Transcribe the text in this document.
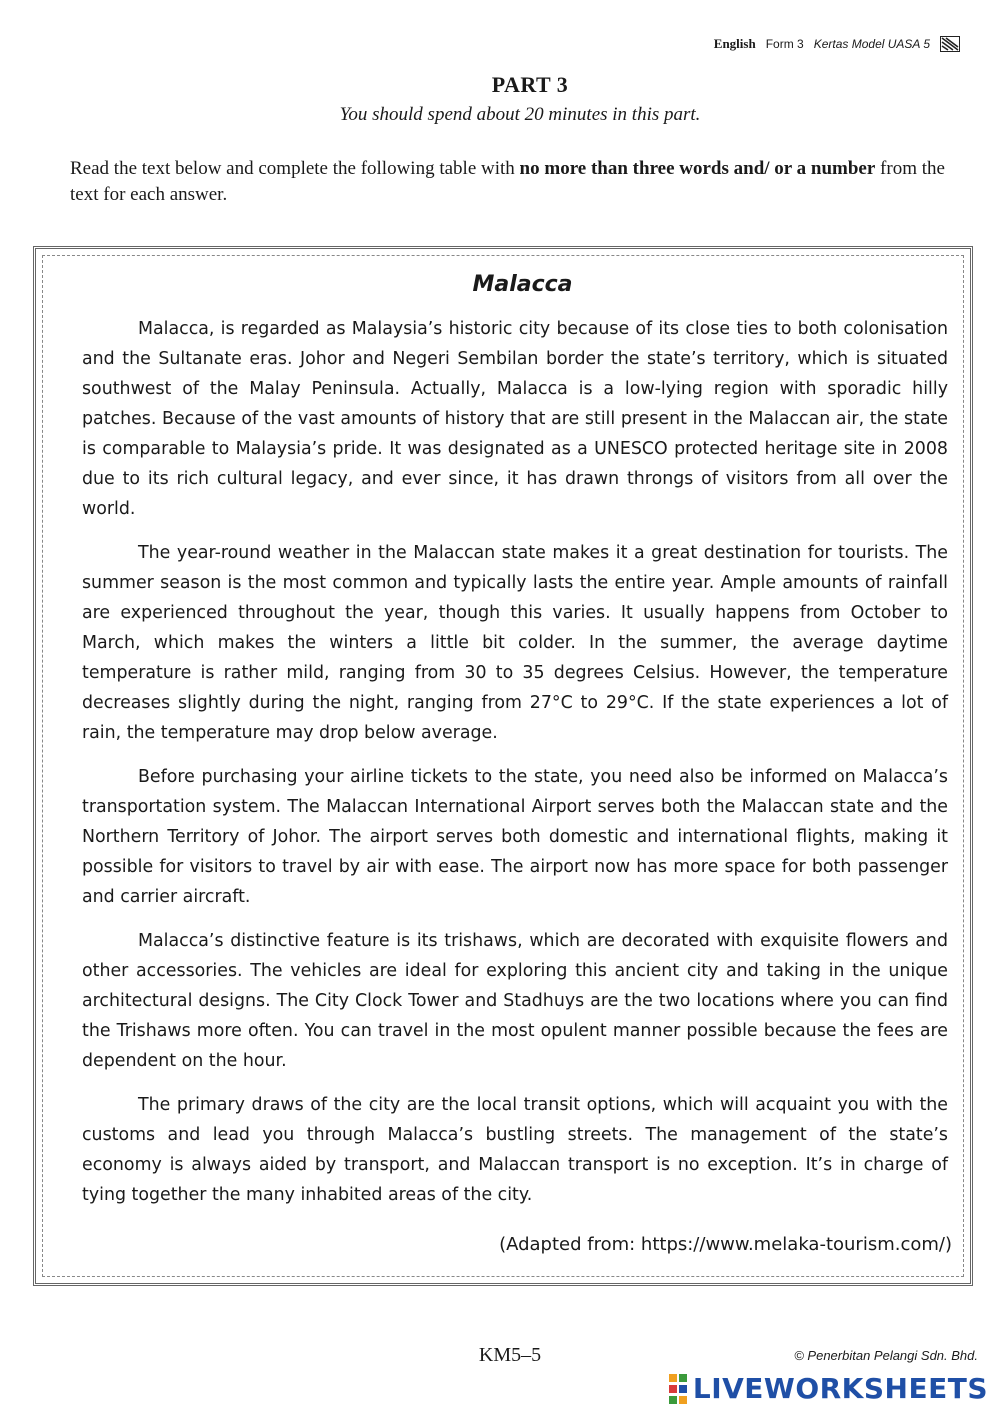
English Form 3 Kertas Model UASA 5
PART 3
You should spend about 20 minutes in this part.
Read the text below and complete the following table with no more than three words and/ or a number from the text for each answer.
Malacca

Malacca, is regarded as Malaysia’s historic city because of its close ties to both colonisation and the Sultanate eras. Johor and Negeri Sembilan border the state’s territory, which is situated southwest of the Malay Peninsula. Actually, Malacca is a low-lying region with sporadic hilly patches. Because of the vast amounts of history that are still present in the Malaccan air, the state is comparable to Malaysia’s pride. It was designated as a UNESCO protected heritage site in 2008 due to its rich cultural legacy, and ever since, it has drawn throngs of visitors from all over the world.

The year-round weather in the Malaccan state makes it a great destination for tourists. The summer season is the most common and typically lasts the entire year. Ample amounts of rainfall are experienced throughout the year, though this varies. It usually happens from October to March, which makes the winters a little bit colder. In the summer, the average daytime temperature is rather mild, ranging from 30 to 35 degrees Celsius. However, the temperature decreases slightly during the night, ranging from 27°C to 29°C. If the state experiences a lot of rain, the temperature may drop below average.

Before purchasing your airline tickets to the state, you need also be informed on Malacca’s transportation system. The Malaccan International Airport serves both the Malaccan state and the Northern Territory of Johor. The airport serves both domestic and international flights, making it possible for visitors to travel by air with ease. The airport now has more space for both passenger and carrier aircraft.

Malacca’s distinctive feature is its trishaws, which are decorated with exquisite flowers and other accessories. The vehicles are ideal for exploring this ancient city and taking in the unique architectural designs. The City Clock Tower and Stadhuys are the two locations where you can find the Trishaws more often. You can travel in the most opulent manner possible because the fees are dependent on the hour.

The primary draws of the city are the local transit options, which will acquaint you with the customs and lead you through Malacca’s bustling streets. The management of the state’s economy is always aided by transport, and Malaccan transport is no exception. It’s in charge of tying together the many inhabited areas of the city.

(Adapted from: https://www.melaka-tourism.com/)
KM5–5	© Penerbitan Pelangi Sdn. Bhd.
LIVEWORKSHEETS
